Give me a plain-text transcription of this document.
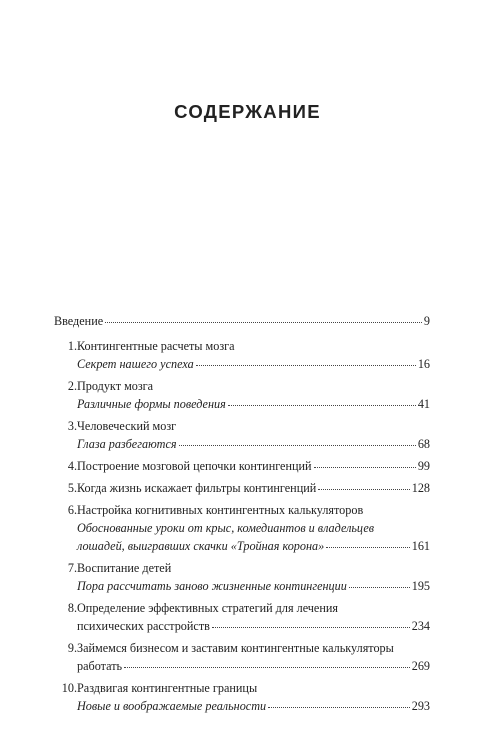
СОДЕРЖАНИЕ
Введение	9
1. Контингентные расчеты мозга
Секрет нашего успеха	16
2. Продукт мозга
Различные формы поведения	41
3. Человеческий мозг
Глаза разбегаются	68
4. Построение мозговой цепочки контингенций	99
5. Когда жизнь искажает фильтры контингенций	128
6. Настройка когнитивных контингентных калькуляторов
Обоснованные уроки от крыс, комедиантов и владельцев
лошадей, выигравших скачки «Тройная корона»	161
7. Воспитание детей
Пора рассчитать заново жизненные контингенции	195
8. Определение эффективных стратегий для лечения
психических расстройств	234
9. Займемся бизнесом и заставим контингентные калькуляторы
работать	269
10. Раздвигая контингентные границы
Новые и воображаемые реальности	293
